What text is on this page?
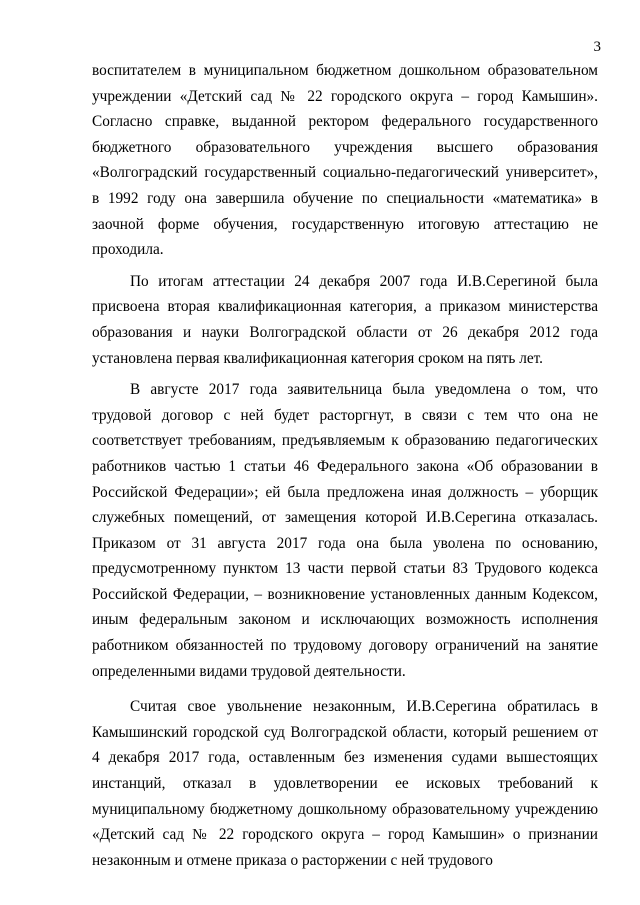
3

воспитателем в муниципальном бюджетном дошкольном образовательном учреждении «Детский сад № 22 городского округа – город Камышин». Согласно справке, выданной ректором федерального государственного бюджетного образовательного учреждения высшего образования «Волгоградский государственный социально-педагогический университет», в 1992 году она завершила обучение по специальности «математика» в заочной форме обучения, государственную итоговую аттестацию не проходила.

По итогам аттестации 24 декабря 2007 года И.В.Серегиной была присвоена вторая квалификационная категория, а приказом министерства образования и науки Волгоградской области от 26 декабря 2012 года установлена первая квалификационная категория сроком на пять лет.

В августе 2017 года заявительница была уведомлена о том, что трудовой договор с ней будет расторгнут, в связи с тем что она не соответствует требованиям, предъявляемым к образованию педагогических работников частью 1 статьи 46 Федерального закона «Об образовании в Российской Федерации»; ей была предложена иная должность – уборщик служебных помещений, от замещения которой И.В.Серегина отказалась. Приказом от 31 августа 2017 года она была уволена по основанию, предусмотренному пунктом 13 части первой статьи 83 Трудового кодекса Российской Федерации, – возникновение установленных данным Кодексом, иным федеральным законом и исключающих возможность исполнения работником обязанностей по трудовому договору ограничений на занятие определенными видами трудовой деятельности.

Считая свое увольнение незаконным, И.В.Серегина обратилась в Камышинский городской суд Волгоградской области, который решением от 4 декабря 2017 года, оставленным без изменения судами вышестоящих инстанций, отказал в удовлетворении ее исковых требований к муниципальному бюджетному дошкольному образовательному учреждению «Детский сад № 22 городского округа – город Камышин» о признании незаконным и отмене приказа о расторжении с ней трудового
